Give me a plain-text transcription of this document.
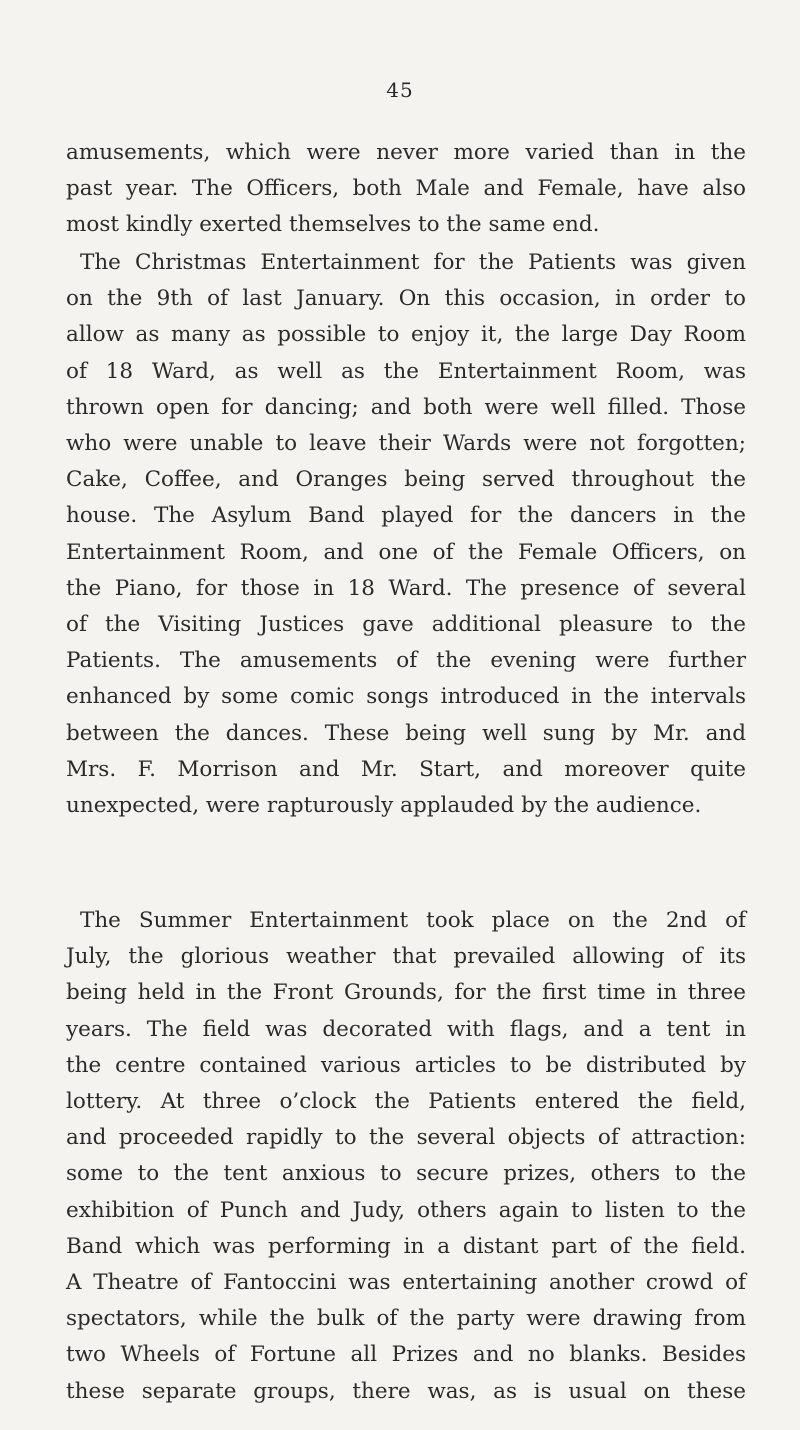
45
amusements, which were never more varied than in the
past year. The Officers, both Male and Female, have also
most kindly exerted themselves to the same end.
The Christmas Entertainment for the Patients was given
on the 9th of last January. On this occasion, in order to
allow as many as possible to enjoy it, the large Day Room
of 18 Ward, as well as the Entertainment Room, was
thrown open for dancing; and both were well filled. Those
who were unable to leave their Wards were not forgotten;
Cake, Coffee, and Oranges being served throughout the
house. The Asylum Band played for the dancers in the
Entertainment Room, and one of the Female Officers, on
the Piano, for those in 18 Ward. The presence of several
of the Visiting Justices gave additional pleasure to the
Patients. The amusements of the evening were further
enhanced by some comic songs introduced in the intervals
between the dances. These being well sung by Mr. and
Mrs. F. Morrison and Mr. Start, and moreover quite
unexpected, were rapturously applauded by the audience.
The Summer Entertainment took place on the 2nd of
July, the glorious weather that prevailed allowing of its
being held in the Front Grounds, for the first time in three
years. The field was decorated with flags, and a tent in
the centre contained various articles to be distributed by
lottery. At three o’clock the Patients entered the field,
and proceeded rapidly to the several objects of attraction:
some to the tent anxious to secure prizes, others to the
exhibition of Punch and Judy, others again to listen to the
Band which was performing in a distant part of the field.
A Theatre of Fantoccini was entertaining another crowd of
spectators, while the bulk of the party were drawing from
two Wheels of Fortune all Prizes and no blanks. Besides
these separate groups, there was, as is usual on these
